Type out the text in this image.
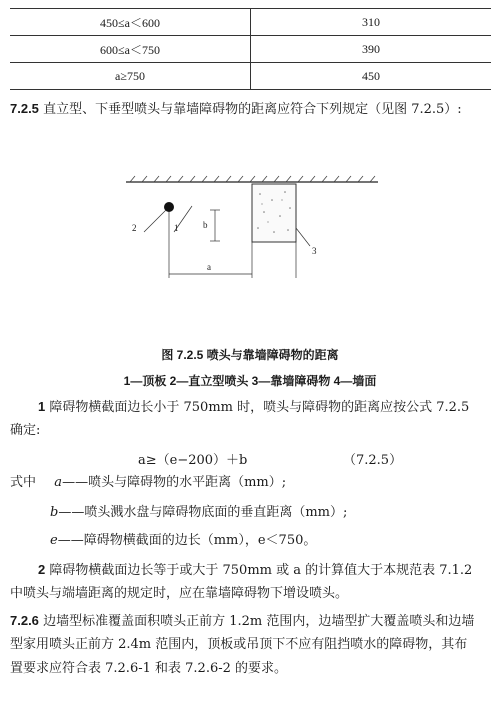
450≤a＜600	310
600≤a＜750	390
a≥750	450
7.2.5 直立型、下垂型喷头与靠墙障碍物的距离应符合下列规定（见图 7.2.5）:
2	1	b
3
a
图 7.2.5 喷头与靠墙障碍物的距离
1—顶板 2—直立型喷头 3—靠墙障碍物 4—墙面
1 障碍物横截面边长小于 750mm 时，喷头与障碍物的距离应按公式 7.2.5
确定:
a≥（e−200）＋b	（7.2.5）
式中 a——喷头与障碍物的水平距离（mm）;
b——喷头溅水盘与障碍物底面的垂直距离（mm）;
e——障碍物横截面的边长（mm），e＜750。
2 障碍物横截面边长等于或大于 750mm 或 a 的计算值大于本规范表 7.1.2
中喷头与端墙距离的规定时，应在靠墙障碍物下增设喷头。
7.2.6 边墙型标准覆盖面积喷头正前方 1.2m 范围内，边墙型扩大覆盖喷头和边墙
型家用喷头正前方 2.4m 范围内，顶板或吊顶下不应有阻挡喷水的障碍物，其布
置要求应符合表 7.2.6-1 和表 7.2.6-2 的要求。
